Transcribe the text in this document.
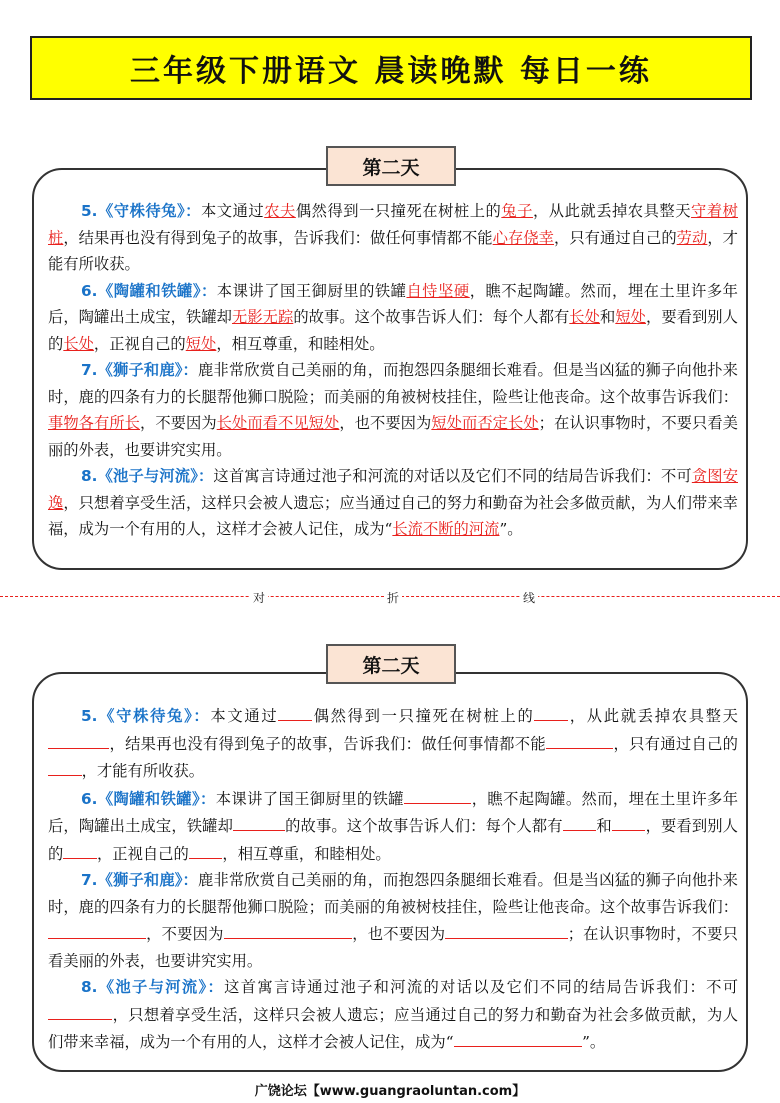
三年级下册语文 晨读晚默 每日一练
第二天

5.《守株待兔》：本文通过农夫偶然得到一只撞死在树桩上的兔子，从此就丢掉农具整天守着树桩，结果再也没有得到兔子的故事，告诉我们：做任何事情都不能心存侥幸，只有通过自己的劳动，才能有所收获。

6.《陶罐和铁罐》：本课讲了国王御厨里的铁罐自恃坚硬，瞧不起陶罐。然而，埋在土里许多年后，陶罐出土成宝，铁罐却无影无踪的故事。这个故事告诉人们：每个人都有长处和短处，要看到别人的长处，正视自己的短处，相互尊重，和睦相处。

7.《狮子和鹿》：鹿非常欣赏自己美丽的角，而抱怨四条腿细长难看。但是当凶猛的狮子向他扑来时，鹿的四条有力的长腿帮他狮口脱险；而美丽的角被树枝挂住，险些让他丧命。这个故事告诉我们：事物各有所长，不要因为长处而看不见短处，也不要因为短处而否定长处；在认识事物时，不要只看美丽的外表，也要讲究实用。

8.《池子与河流》：这首寓言诗通过池子和河流的对话以及它们不同的结局告诉我们：不可贪图安逸，只想着享受生活，这样只会被人遗忘；应当通过自己的努力和勤奋为社会多做贡献，为人们带来幸福，成为一个有用的人，这样才会被人记住，成为“长流不断的河流”。

对	折	线
第二天

5.《守株待兔》：本文通过 偶然得到一只撞死在树桩上的 ，从此就丢掉农具整天，结果再也没有得到兔子的故事，告诉我们：做任何事情都不能	，只有通过自己的，才能有所收获。

6.《陶罐和铁罐》：本课讲了国王御厨里的铁罐	，瞧不起陶罐。然而，埋在土里许多年后，陶罐出土成宝，铁罐却	的故事。这个故事告诉人们：每个人都有 和 ，要看到别人的 ，正视自己的 ，相互尊重，和睦相处。

7.《狮子和鹿》：鹿非常欣赏自己美丽的角，而抱怨四条腿细长难看。但是当凶猛的狮子向他扑来时，鹿的四条有力的长腿帮他狮口脱险；而美丽的角被树枝挂住，险些让他丧命。这个故事告诉我们：，不要因为	，也不要因为	；在认识事物时，不要只看美丽的外表，也要讲究实用。

8.《池子与河流》：这首寓言诗通过池子和河流的对话以及它们不同的结局告诉我们：不可，只想着享受生活，这样只会被人遗忘；应当通过自己的努力和勤奋为社会多做贡献，为人们带来幸福，成为一个有用的人，这样才会被人记住，成为“	”。

广饶论坛【www.guangraoluntan.com】
